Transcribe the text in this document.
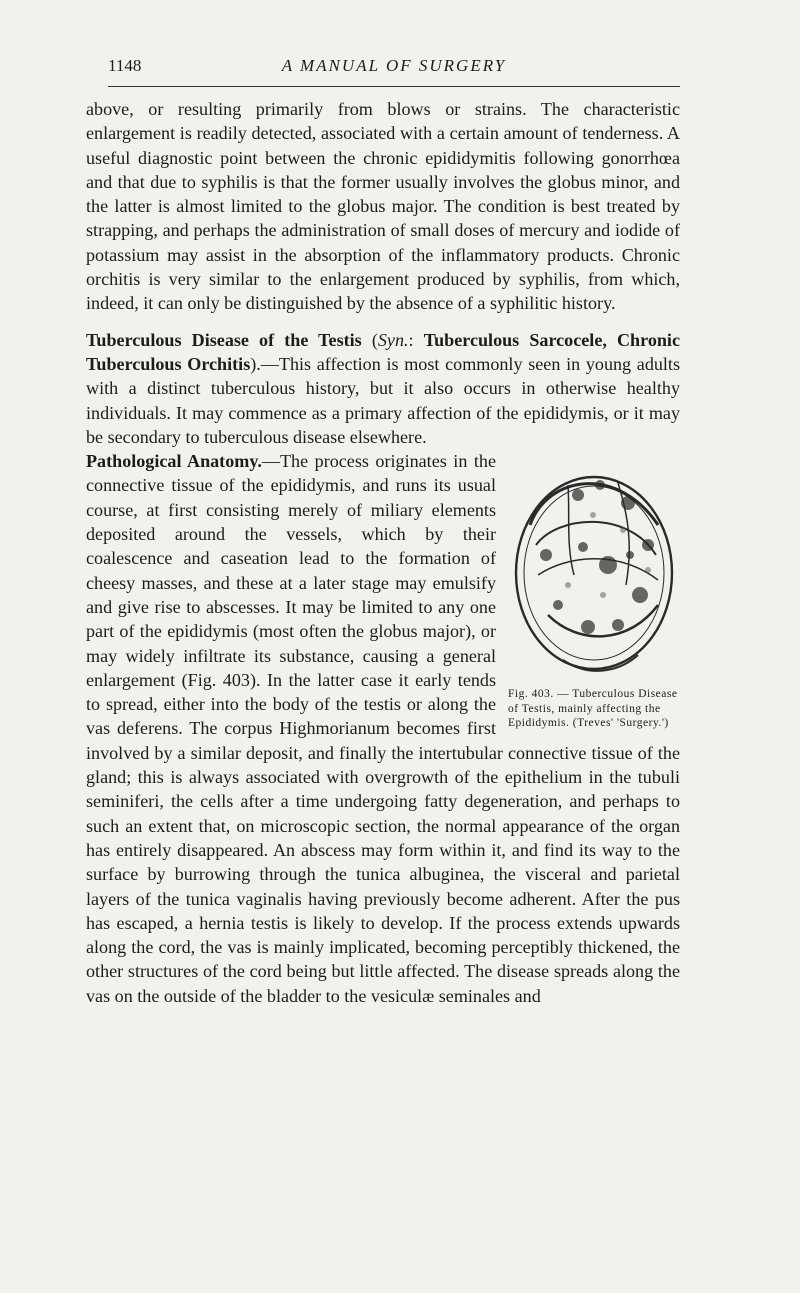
1148	A MANUAL OF SURGERY

above, or resulting primarily from blows or strains. The characteristic enlargement is readily detected, associated with a certain amount of tenderness. A useful diagnostic point between the chronic epididymitis following gonorrhœa and that due to syphilis is that the former usually involves the globus minor, and the latter is almost limited to the globus major. The condition is best treated by strapping, and perhaps the administration of small doses of mercury and iodide of potassium may assist in the absorption of the inflammatory products. Chronic orchitis is very similar to the enlargement produced by syphilis, from which, indeed, it can only be distinguished by the absence of a syphilitic history.

Tuberculous Disease of the Testis (Syn.: Tuberculous Sarcocele, Chronic Tuberculous Orchitis).—This affection is most commonly seen in young adults with a distinct tuberculous history, but it also occurs in otherwise healthy individuals. It may commence as a primary affection of the epididymis, or it may be secondary to tuberculous disease elsewhere.

Fig. 403. — Tuberculous Disease of Testis, mainly affecting the Epididymis. (Treves' 'Surgery.')

Pathological Anatomy.—The process originates in the connective tissue of the epididymis, and runs its usual course, at first consisting merely of miliary elements deposited around the vessels, which by their coalescence and caseation lead to the formation of cheesy masses, and these at a later stage may emulsify and give rise to abscesses. It may be limited to any one part of the epididymis (most often the globus major), or may widely infiltrate its substance, causing a general enlargement (Fig. 403). In the latter case it early tends to spread, either into the body of the testis or along the vas deferens. The corpus Highmorianum becomes first involved by a similar deposit, and finally the intertubular connective tissue of the gland; this is always associated with overgrowth of the epithelium in the tubuli seminiferi, the cells after a time undergoing fatty degeneration, and perhaps to such an extent that, on microscopic section, the normal appearance of the organ has entirely disappeared. An abscess may form within it, and find its way to the surface by burrowing through the tunica albuginea, the visceral and parietal layers of the tunica vaginalis having previously become adherent. After the pus has escaped, a hernia testis is likely to develop. If the process extends upwards along the cord, the vas is mainly implicated, becoming perceptibly thickened, the other structures of the cord being but little affected. The disease spreads along the vas on the outside of the bladder to the vesiculæ seminales and
